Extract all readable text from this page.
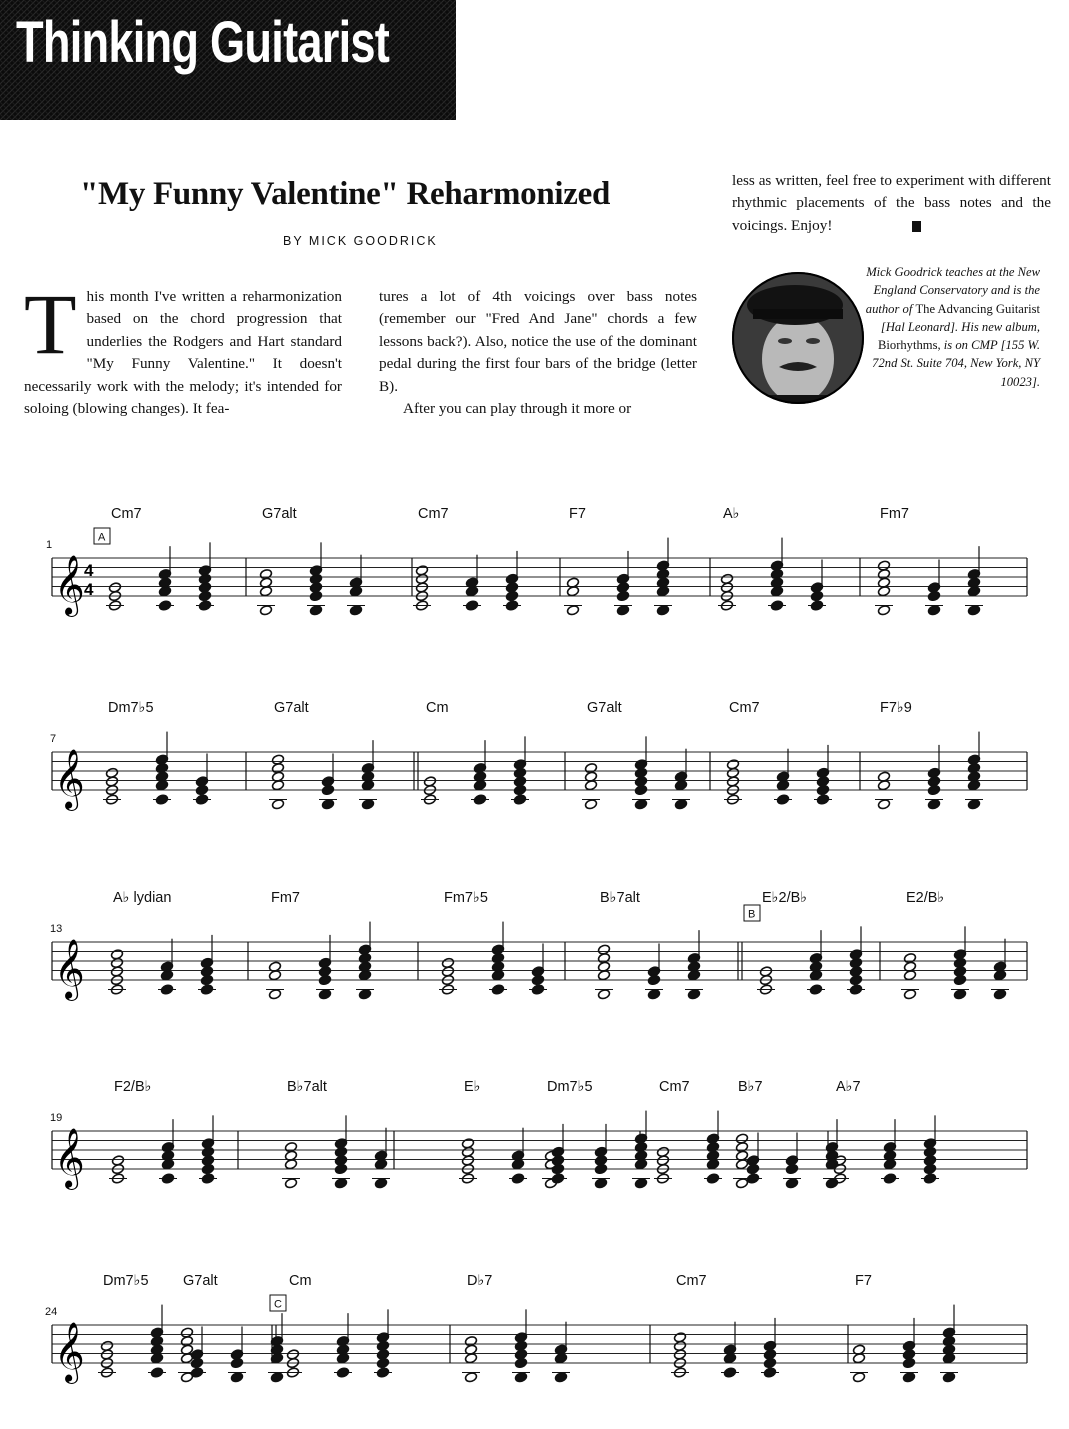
Thinking Guitarist
"My Funny Valentine" Reharmonized
BY MICK GOODRICK
This month I've written a reharmonization based on the chord progression that underlies the Rodgers and Hart standard "My Funny Valentine." It doesn't necessarily work with the melody; it's intended for soloing (blowing changes). It fea-
tures a lot of 4th voicings over bass notes (remember our "Fred And Jane" chords a few lessons back?). Also, notice the use of the dominant pedal during the first four bars of the bridge (letter B).
After you can play through it more or
less as written, feel free to experiment with different rhythmic placements of the bass notes and the voicings. Enjoy!
Mick Goodrick teaches at the New England Conservatory and is the author of The Advancing Guitarist [Hal Leonard]. His new album, Biorhythms, is on CMP [155 W. 72nd St. Suite 704, New York, NY 10023].
𝄞 4
4
1
A
Cm7	G7alt	Cm7	F7	A♭	Fm7
𝄞
7
Dm7♭5	G7alt	Cm	G7alt	Cm7	F7♭9
𝄞
13
B
A♭ lydian	Fm7	Fm7♭5	B♭7alt	E♭2/B♭	E2/B♭
𝄞
19
F2/B♭	B♭7alt	E♭	Dm7♭5	Cm7	B♭7	A♭7
𝄞
24
C
Dm7♭5 G7alt	Cm	D♭7	Cm7	F7
